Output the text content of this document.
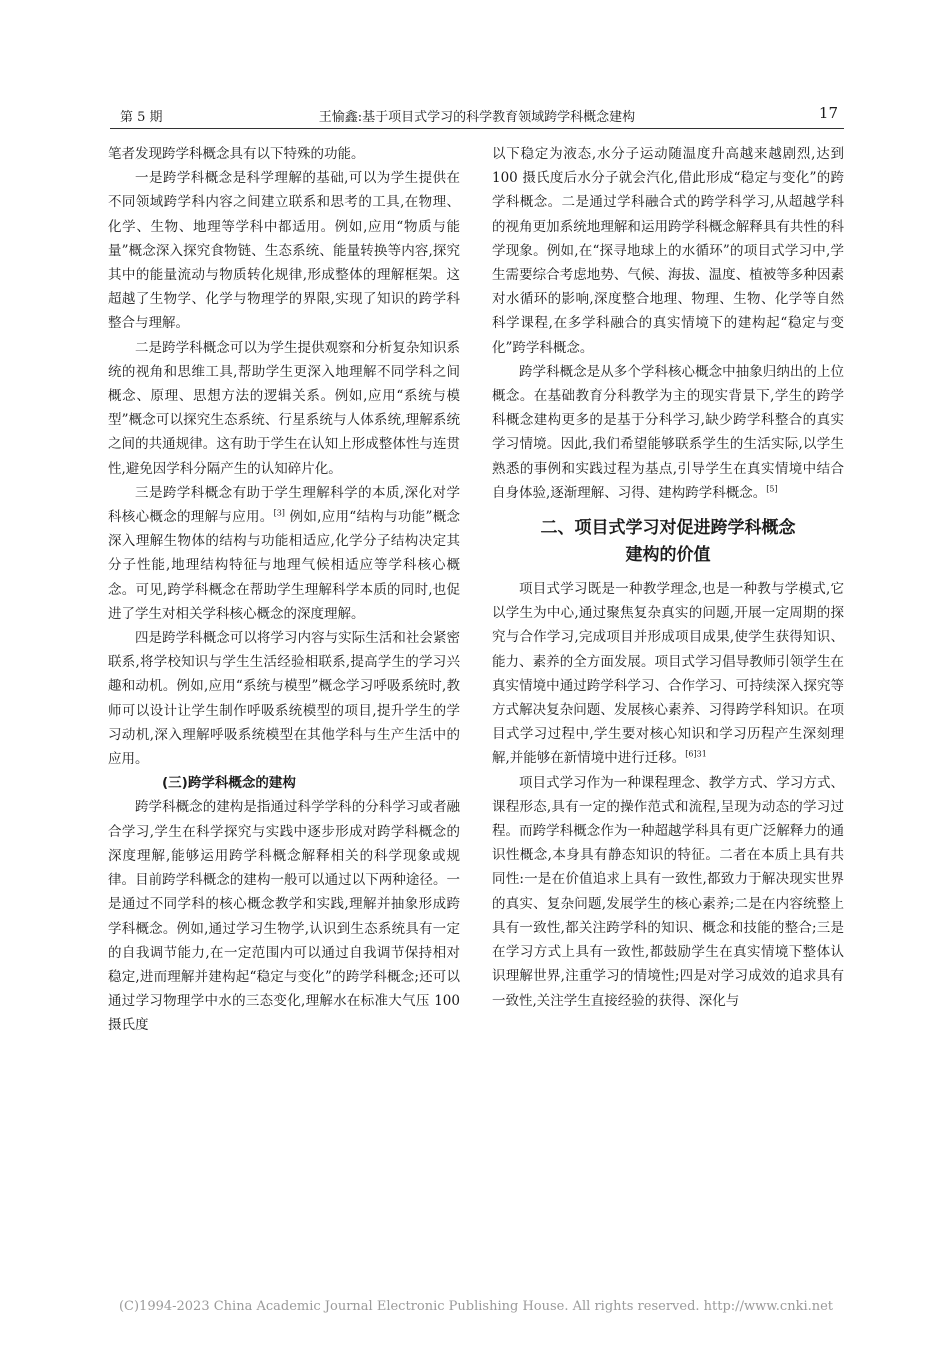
第 5 期	王愉鑫:基于项目式学习的科学教育领域跨学科概念建构	17

笔者发现跨学科概念具有以下特殊的功能。

一是跨学科概念是科学理解的基础,可以为学生提供在不同领域跨学科内容之间建立联系和思考的工具,在物理、化学、生物、地理等学科中都适用。例如,应用“物质与能量”概念深入探究食物链、生态系统、能量转换等内容,探究其中的能量流动与物质转化规律,形成整体的理解框架。这超越了生物学、化学与物理学的界限,实现了知识的跨学科整合与理解。

二是跨学科概念可以为学生提供观察和分析复杂知识系统的视角和思维工具,帮助学生更深入地理解不同学科之间概念、原理、思想方法的逻辑关系。例如,应用“系统与模型”概念可以探究生态系统、行星系统与人体系统,理解系统之间的共通规律。这有助于学生在认知上形成整体性与连贯性,避免因学科分隔产生的认知碎片化。

三是跨学科概念有助于学生理解科学的本质,深化对学科核心概念的理解与应用。[3] 例如,应用“结构与功能”概念深入理解生物体的结构与功能相适应,化学分子结构决定其分子性能,地理结构特征与地理气候相适应等学科核心概念。可见,跨学科概念在帮助学生理解科学本质的同时,也促进了学生对相关学科核心概念的深度理解。

四是跨学科概念可以将学习内容与实际生活和社会紧密联系,将学校知识与学生生活经验相联系,提高学生的学习兴趣和动机。例如,应用“系统与模型”概念学习呼吸系统时,教师可以设计让学生制作呼吸系统模型的项目,提升学生的学习动机,深入理解呼吸系统模型在其他学科与生产生活中的应用。

(三)跨学科概念的建构

跨学科概念的建构是指通过科学学科的分科学习或者融合学习,学生在科学探究与实践中逐步形成对跨学科概念的深度理解,能够运用跨学科概念解释相关的科学现象或规律。目前跨学科概念的建构一般可以通过以下两种途径。一是通过不同学科的核心概念教学和实践,理解并抽象形成跨学科概念。例如,通过学习生物学,认识到生态系统具有一定的自我调节能力,在一定范围内可以通过自我调节保持相对稳定,进而理解并建构起“稳定与变化”的跨学科概念;还可以通过学习物理学中水的三态变化,理解水在标准大气压 100 摄氏度

以下稳定为液态,水分子运动随温度升高越来越剧烈,达到 100 摄氏度后水分子就会汽化,借此形成“稳定与变化”的跨学科概念。二是通过学科融合式的跨学科学习,从超越学科的视角更加系统地理解和运用跨学科概念解释具有共性的科学现象。例如,在“探寻地球上的水循环”的项目式学习中,学生需要综合考虑地势、气候、海拔、温度、植被等多种因素对水循环的影响,深度整合地理、物理、生物、化学等自然科学课程,在多学科融合的真实情境下的建构起“稳定与变化”跨学科概念。

跨学科概念是从多个学科核心概念中抽象归纳出的上位概念。在基础教育分科教学为主的现实背景下,学生的跨学科概念建构更多的是基于分科学习,缺少跨学科整合的真实学习情境。因此,我们希望能够联系学生的生活实际,以学生熟悉的事例和实践过程为基点,引导学生在真实情境中结合自身体验,逐渐理解、习得、建构跨学科概念。[5]

二、项目式学习对促进跨学科概念
建构的价值

项目式学习既是一种教学理念,也是一种教与学模式,它以学生为中心,通过聚焦复杂真实的问题,开展一定周期的探究与合作学习,完成项目并形成项目成果,使学生获得知识、能力、素养的全方面发展。项目式学习倡导教师引领学生在真实情境中通过跨学科学习、合作学习、可持续深入探究等方式解决复杂问题、发展核心素养、习得跨学科知识。在项目式学习过程中,学生要对核心知识和学习历程产生深刻理解,并能够在新情境中进行迁移。$^{[6]31}$

项目式学习作为一种课程理念、教学方式、学习方式、课程形态,具有一定的操作范式和流程,呈现为动态的学习过程。而跨学科概念作为一种超越学科具有更广泛解释力的通识性概念,本身具有静态知识的特征。二者在本质上具有共同性:一是在价值追求上具有一致性,都致力于解决现实世界的真实、复杂问题,发展学生的核心素养;二是在内容统整上具有一致性,都关注跨学科的知识、概念和技能的整合;三是在学习方式上具有一致性,都鼓励学生在真实情境下整体认识理解世界,注重学习的情境性;四是对学习成效的追求具有一致性,关注学生直接经验的获得、深化与

(C)1994-2023 China Academic Journal Electronic Publishing House. All rights reserved. http://www.cnki.net
